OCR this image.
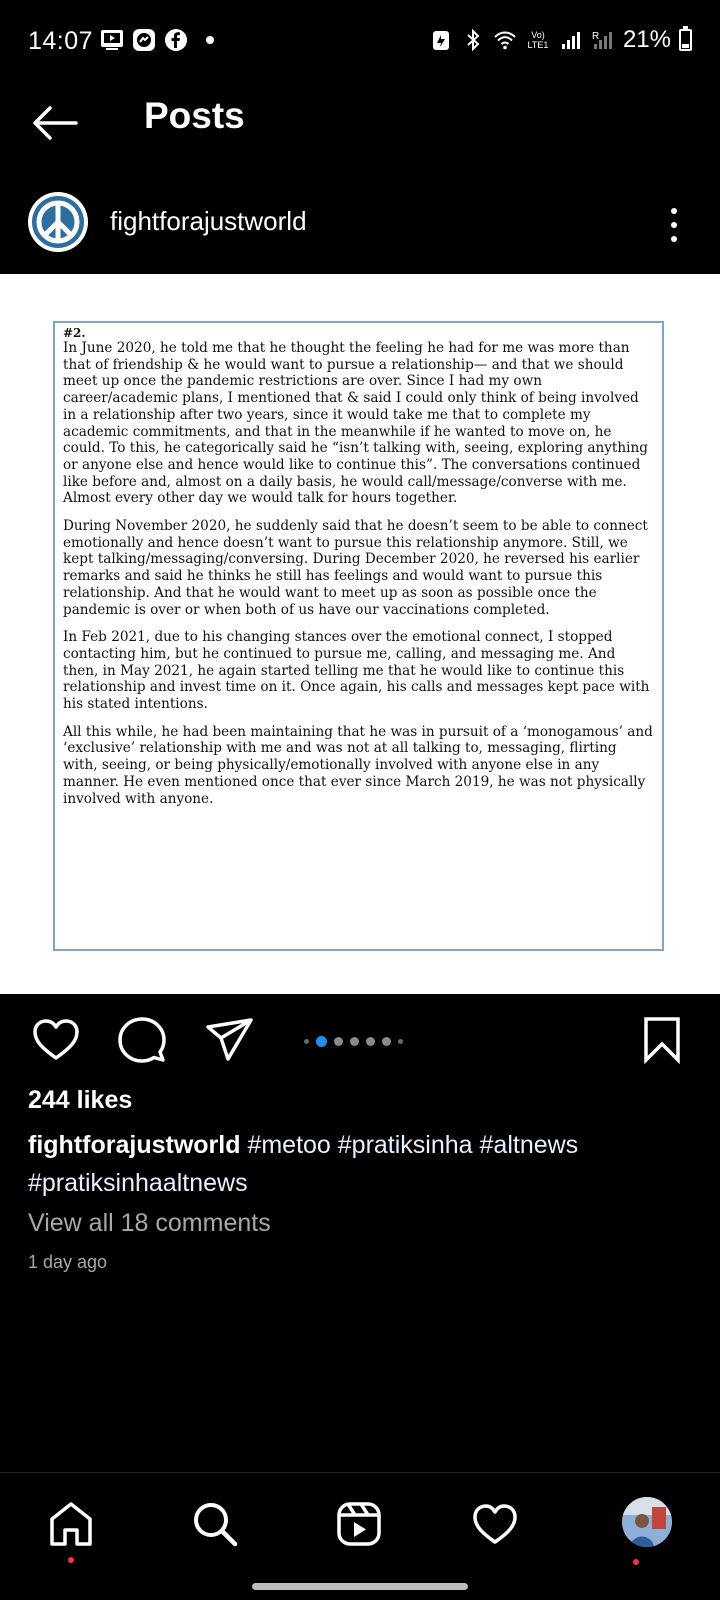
14:07	Vo) LTE1
R 21%
Posts
fightforajustworld

#2.

In June 2020, he told me that he thought the feeling he had for me was more than that of friendship & he would want to pursue a relationship— and that we should meet up once the pandemic restrictions are over. Since I had my own career/academic plans, I mentioned that & said I could only think of being involved in a relationship after two years, since it would take me that to complete my academic commitments, and that in the meanwhile if he wanted to move on, he could. To this, he categorically said he “isn’t talking with, seeing, exploring anything or anyone else and hence would like to continue this”. The conversations continued like before and, almost on a daily basis, he would call/message/converse with me. Almost every other day we would talk for hours together.

During November 2020, he suddenly said that he doesn’t seem to be able to connect emotionally and hence doesn’t want to pursue this relationship anymore. Still, we kept talking/messaging/conversing. During December 2020, he reversed his earlier remarks and said he thinks he still has feelings and would want to pursue this relationship. And that he would want to meet up as soon as possible once the pandemic is over or when both of us have our vaccinations completed.

In Feb 2021, due to his changing stances over the emotional connect, I stopped contacting him, but he continued to pursue me, calling, and messaging me. And then, in May 2021, he again started telling me that he would like to continue this relationship and invest time on it. Once again, his calls and messages kept pace with his stated intentions.

All this while, he had been maintaining that he was in pursuit of a ‘monogamous’ and ‘exclusive’ relationship with me and was not at all talking to, messaging, flirting with, seeing, or being physically/emotionally involved with anyone else in any manner. He even mentioned once that ever since March 2019, he was not physically involved with anyone.

244 likes
fightforajustworld #metoo #pratiksinha #altnews #pratiksinhaaltnews
View all 18 comments
1 day ago
